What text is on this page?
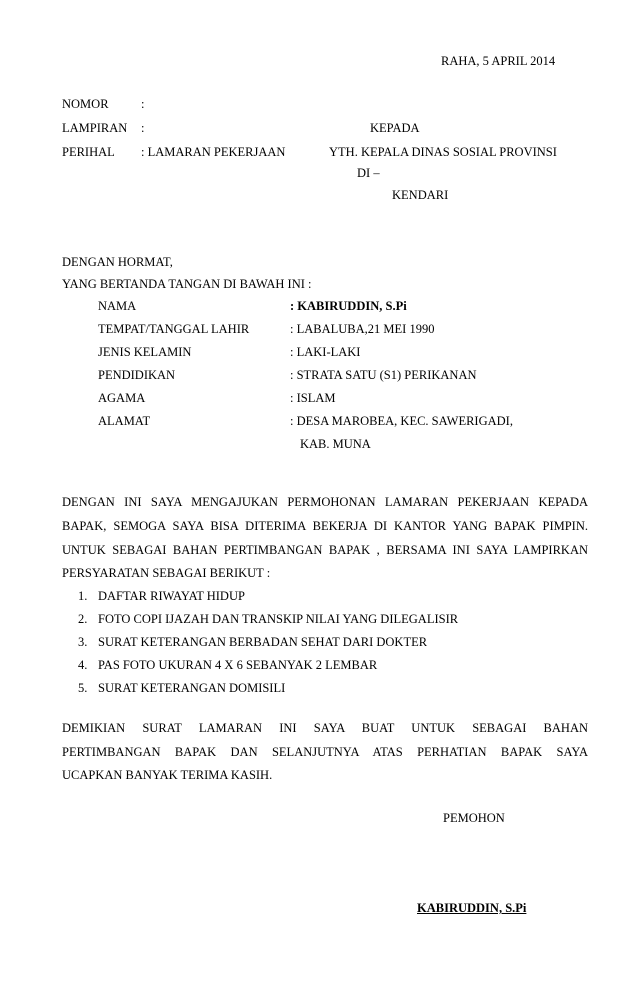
RAHA, 5 APRIL 2014
NOMOR	:
LAMPIRAN :
PERIHAL : LAMARAN PEKERJAAN
KEPADA
YTH. KEPALA DINAS SOSIAL PROVINSI
DI –
KENDARI
DENGAN HORMAT,
YANG BERTANDA TANGAN DI BAWAH INI :
NAMA	: KABIRUDDIN, S.Pi
TEMPAT/TANGGAL LAHIR	: LABALUBA,21 MEI 1990
JENIS KELAMIN	: LAKI-LAKI
PENDIDIKAN	: STRATA SATU (S1) PERIKANAN
AGAMA	: ISLAM
ALAMAT	: DESA MAROBEA, KEC. SAWERIGADI,
KAB. MUNA
DENGAN INI SAYA MENGAJUKAN PERMOHONAN LAMARAN PEKERJAAN KEPADA
BAPAK, SEMOGA SAYA BISA DITERIMA BEKERJA DI KANTOR YANG BAPAK PIMPIN.
UNTUK SEBAGAI BAHAN PERTIMBANGAN BAPAK , BERSAMA INI SAYA LAMPIRKAN
PERSYARATAN SEBAGAI BERIKUT :
1. DAFTAR RIWAYAT HIDUP
2. FOTO COPI IJAZAH DAN TRANSKIP NILAI YANG DILEGALISIR
3. SURAT KETERANGAN BERBADAN SEHAT DARI DOKTER
4. PAS FOTO UKURAN 4 X 6 SEBANYAK 2 LEMBAR
5. SURAT KETERANGAN DOMISILI
DEMIKIAN SURAT LAMARAN INI SAYA BUAT UNTUK SEBAGAI BAHAN
PERTIMBANGAN BAPAK DAN SELANJUTNYA ATAS PERHATIAN BAPAK SAYA
UCAPKAN BANYAK TERIMA KASIH.
PEMOHON
KABIRUDDIN, S.Pi
